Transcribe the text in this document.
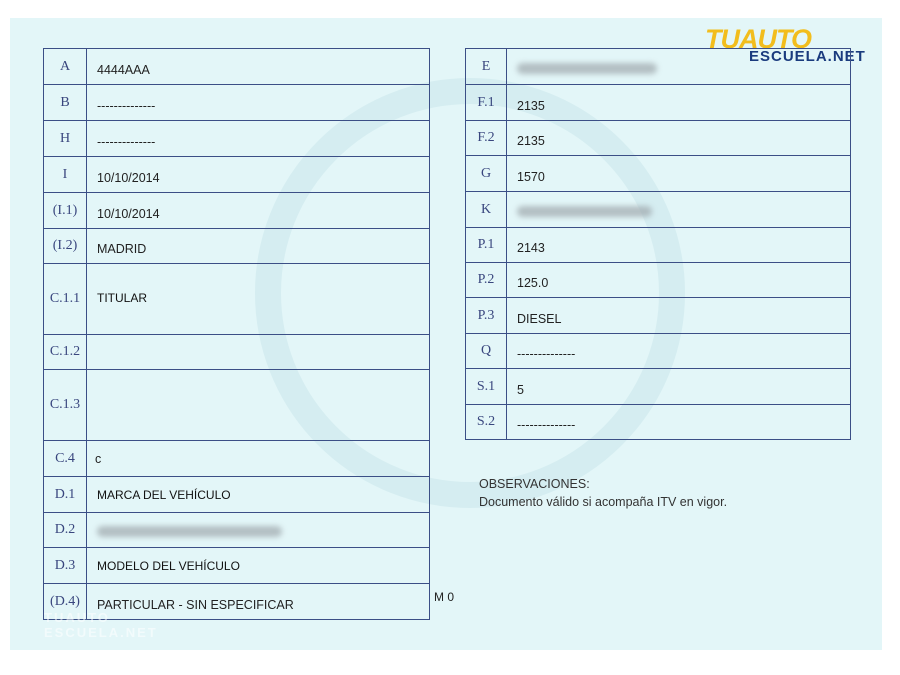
TUAUTO
ESCUELA.NET
A	4444AAA
B	--------------
H	--------------
I	10/10/2014
(I.1)	10/10/2014
(I.2)	MADRID
C.1.1	TITULAR
C.1.2	
C.1.3	
C.4	c
D.1	MARCA DEL VEHÍCULO
D.2	
D.3	MODELO DEL VEHÍCULO
(D.4)	PARTICULAR - SIN ESPECIFICAR
E	
F.1	2135
F.2	2135
G	1570
K	
P.1	2143
P.2	125.0
P.3	DIESEL
Q	--------------
S.1	5
S.2	--------------
OBSERVACIONES:
Documento válido si acompaña ITV en vigor.
M 0
TUAUTO ESCUELA.NET
